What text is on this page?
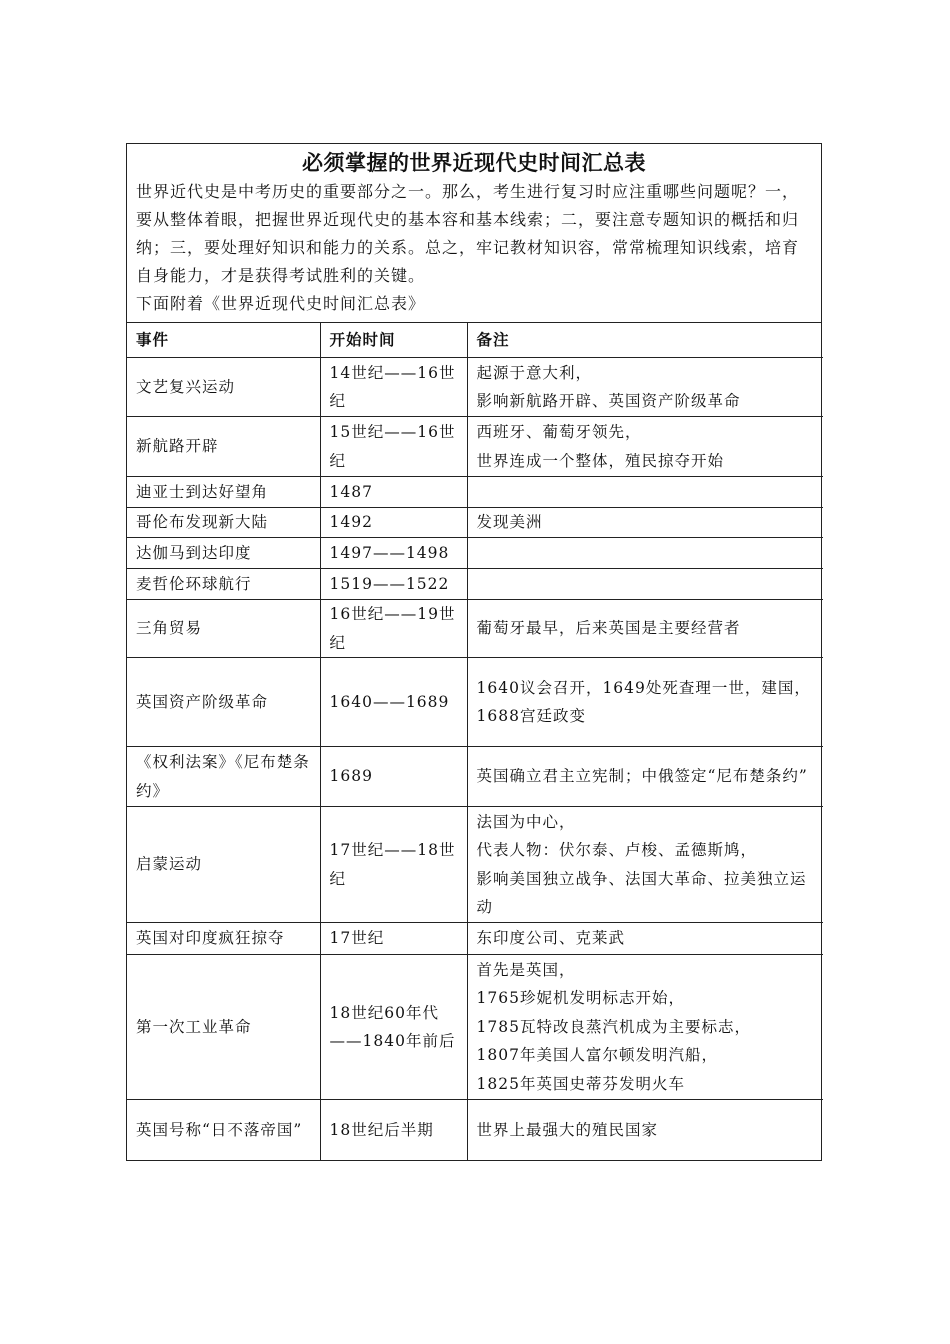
必须掌握的世界近现代史时间汇总表

世界近代史是中考历史的重要部分之一。那么，考生进行复习时应注重哪些问题呢？一，要从整体着眼，把握世界近现代史的基本容和基本线索；二，要注意专题知识的概括和归纳；三，要处理好知识和能力的关系。总之，牢记教材知识容，常常梳理知识线索，培育自身能力，才是获得考试胜利的关键。

下面附着《世界近现代史时间汇总表》

事件	开始时间	备注
文艺复兴运动	14世纪——16世纪	起源于意大利，
影响新航路开辟、英国资产阶级革命

新航路开辟	15世纪——16世纪	西班牙、葡萄牙领先，
世界连成一个整体，殖民掠夺开始

迪亚士到达好望角	1487	

哥伦布发现新大陆	1492	发现美洲

达伽马到达印度	1497——1498	

麦哲伦环球航行	1519——1522	

三角贸易	16世纪——19世纪	葡萄牙最早，后来英国是主要经营者

英国资产阶级革命	1640——1689	1640议会召开，1649处死查理一世，建国，
1688宫廷政变

《权利法案》《尼布楚条约》	1689	英国确立君主立宪制；中俄签定“尼布楚条约”

启蒙运动	17世纪——18世纪	法国为中心，
代表人物：伏尔泰、卢梭、孟德斯鸠，
影响美国独立战争、法国大革命、拉美独立运动

英国对印度疯狂掠夺	17世纪	东印度公司、克莱武

第一次工业革命	18世纪60年代——1840年前后	首先是英国，
1765珍妮机发明标志开始，
1785瓦特改良蒸汽机成为主要标志，
1807年美国人富尔顿发明汽船，
1825年英国史蒂芬发明火车

英国号称“日不落帝国”	18世纪后半期	世界上最强大的殖民国家
